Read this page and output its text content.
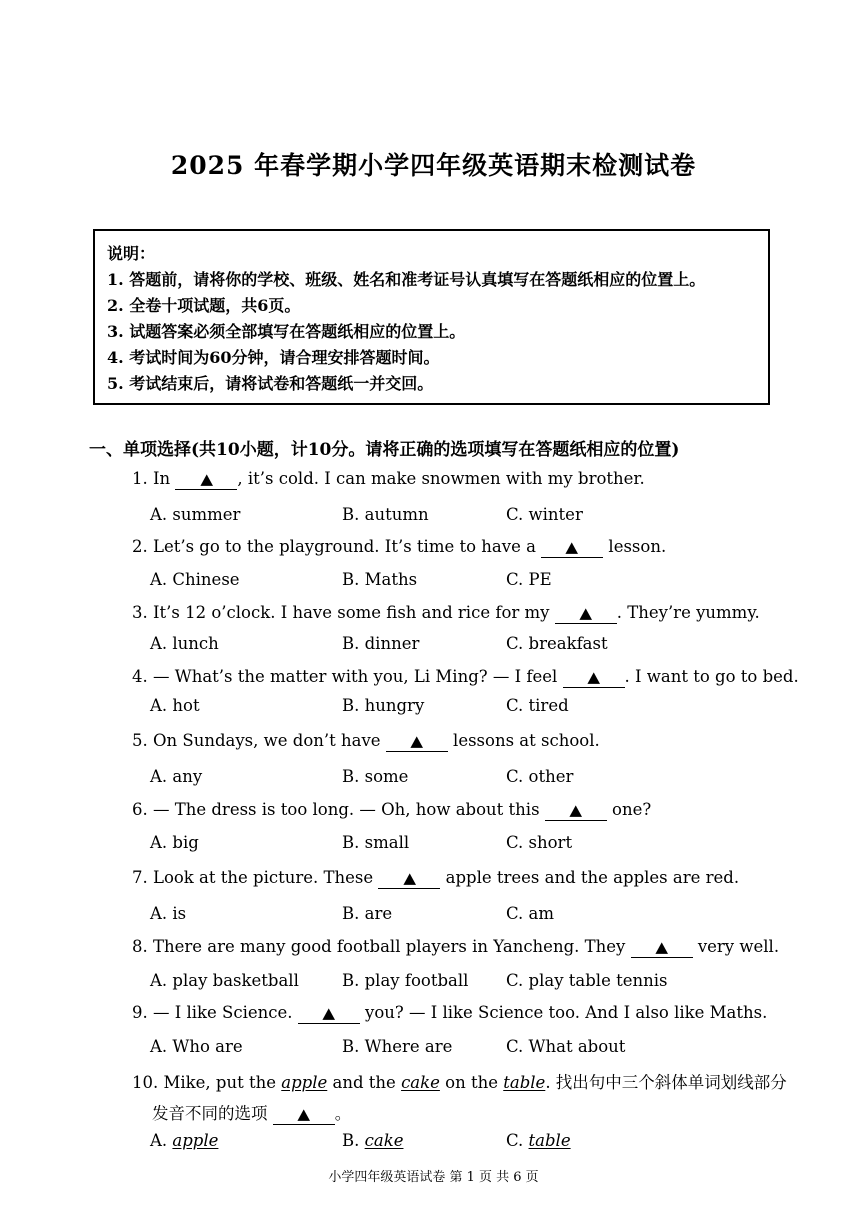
2025 年春学期小学四年级英语期末检测试卷
说明：
1. 答题前，请将你的学校、班级、姓名和准考证号认真填写在答题纸相应的位置上。
2. 全卷十项试题，共6页。
3. 试题答案必须全部填写在答题纸相应的位置上。
4. 考试时间为60分钟，请合理安排答题时间。
5. 考试结束后，请将试卷和答题纸一并交回。
一、单项选择(共10小题，计10分。请将正确的选项填写在答题纸相应的位置)
1. In ▲ , it’s cold. I can make snowmen with my brother.
A. summer	B. autumn	C. winter
2. Let’s go to the playground. It’s time to have a ▲ lesson.
A. Chinese	B. Maths	C. PE
3. It’s 12 o’clock. I have some fish and rice for my ▲ . They’re yummy.
A. lunch	B. dinner	C. breakfast
4. — What’s the matter with you, Li Ming? — I feel ▲ . I want to go to bed.
A. hot	B. hungry	C. tired
5. On Sundays, we don’t have ▲ lessons at school.
A. any	B. some	C. other
6. — The dress is too long. — Oh, how about this ▲ one?
A. big	B. small	C. short
7. Look at the picture. These ▲ apple trees and the apples are red.
A. is	B. are	C. am
8. There are many good football players in Yancheng. They ▲ very well.
A. play basketball	B. play football C. play table tennis
9. — I like Science. ▲ you? — I like Science too. And I also like Maths.
A. Who are	B. Where are	C. What about
10. Mike, put the apple and the cake on the table. 找出句中三个斜体单词划线部分
发音不同的选项 ▲ 。
A. apple	B. cake	C. table
小学四年级英语试卷 第 1 页 共 6 页
